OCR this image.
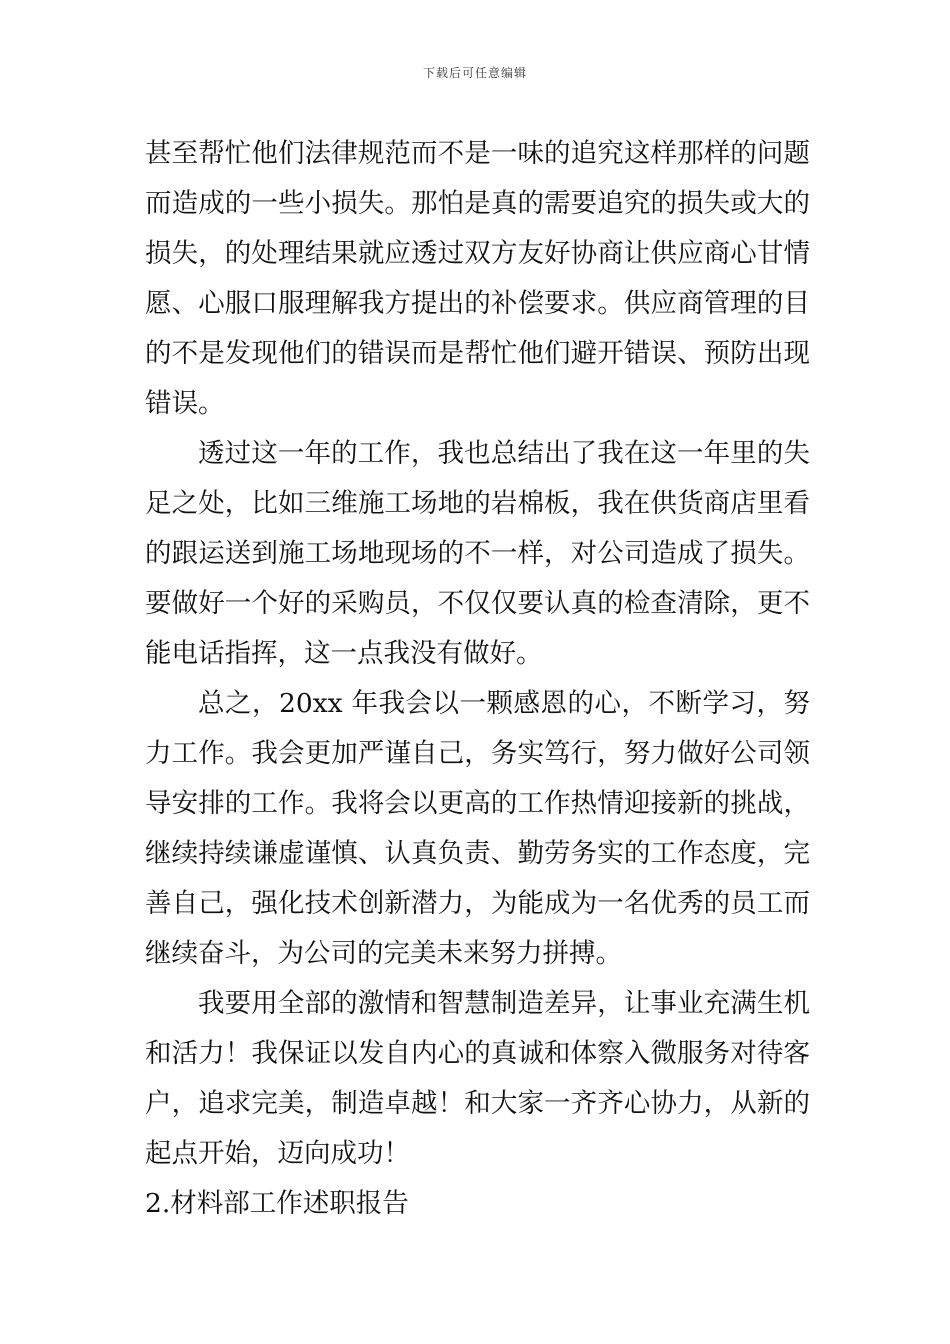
下载后可任意编辑

甚至帮忙他们法律规范而不是一味的追究这样那样的问题而造成的一些小损失。那怕是真的需要追究的损失或大的损失，的处理结果就应透过双方友好协商让供应商心甘情愿、心服口服理解我方提出的补偿要求。供应商管理的目的不是发现他们的错误而是帮忙他们避开错误、预防出现错误。

透过这一年的工作，我也总结出了我在这一年里的失足之处，比如三维施工场地的岩棉板，我在供货商店里看的跟运送到施工场地现场的不一样，对公司造成了损失。要做好一个好的采购员，不仅仅要认真的检查清除，更不能电话指挥，这一点我没有做好。

总之，20xx 年我会以一颗感恩的心，不断学习，努力工作。我会更加严谨自己，务实笃行，努力做好公司领导安排的工作。我将会以更高的工作热情迎接新的挑战，继续持续谦虚谨慎、认真负责、勤劳务实的工作态度，完善自己，强化技术创新潜力，为能成为一名优秀的员工而继续奋斗，为公司的完美未来努力拼搏。

我要用全部的激情和智慧制造差异，让事业充满生机和活力！我保证以发自内心的真诚和体察入微服务对待客户，追求完美，制造卓越！和大家一齐齐心协力，从新的起点开始，迈向成功！

2.材料部工作述职报告
